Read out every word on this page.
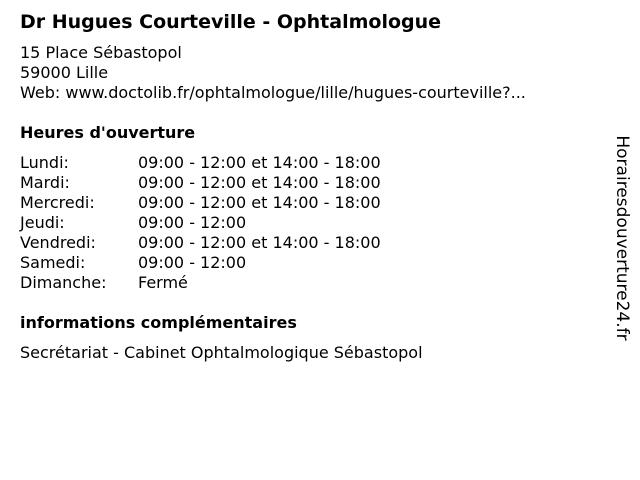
Dr Hugues Courteville - Ophtalmologue
15 Place Sébastopol
59000 Lille
Web: www.doctolib.fr/ophtalmologue/lille/hugues-courteville?...
Heures d'ouverture
Lundi:	09:00 - 12:00 et 14:00 - 18:00
Mardi:	09:00 - 12:00 et 14:00 - 18:00
Mercredi:	09:00 - 12:00 et 14:00 - 18:00
Jeudi:	09:00 - 12:00
Vendredi:	09:00 - 12:00 et 14:00 - 18:00
Samedi:	09:00 - 12:00
Dimanche:	Fermé
informations complémentaires
Secrétariat - Cabinet Ophtalmologique Sébastopol
Horairesdouverture24.fr
